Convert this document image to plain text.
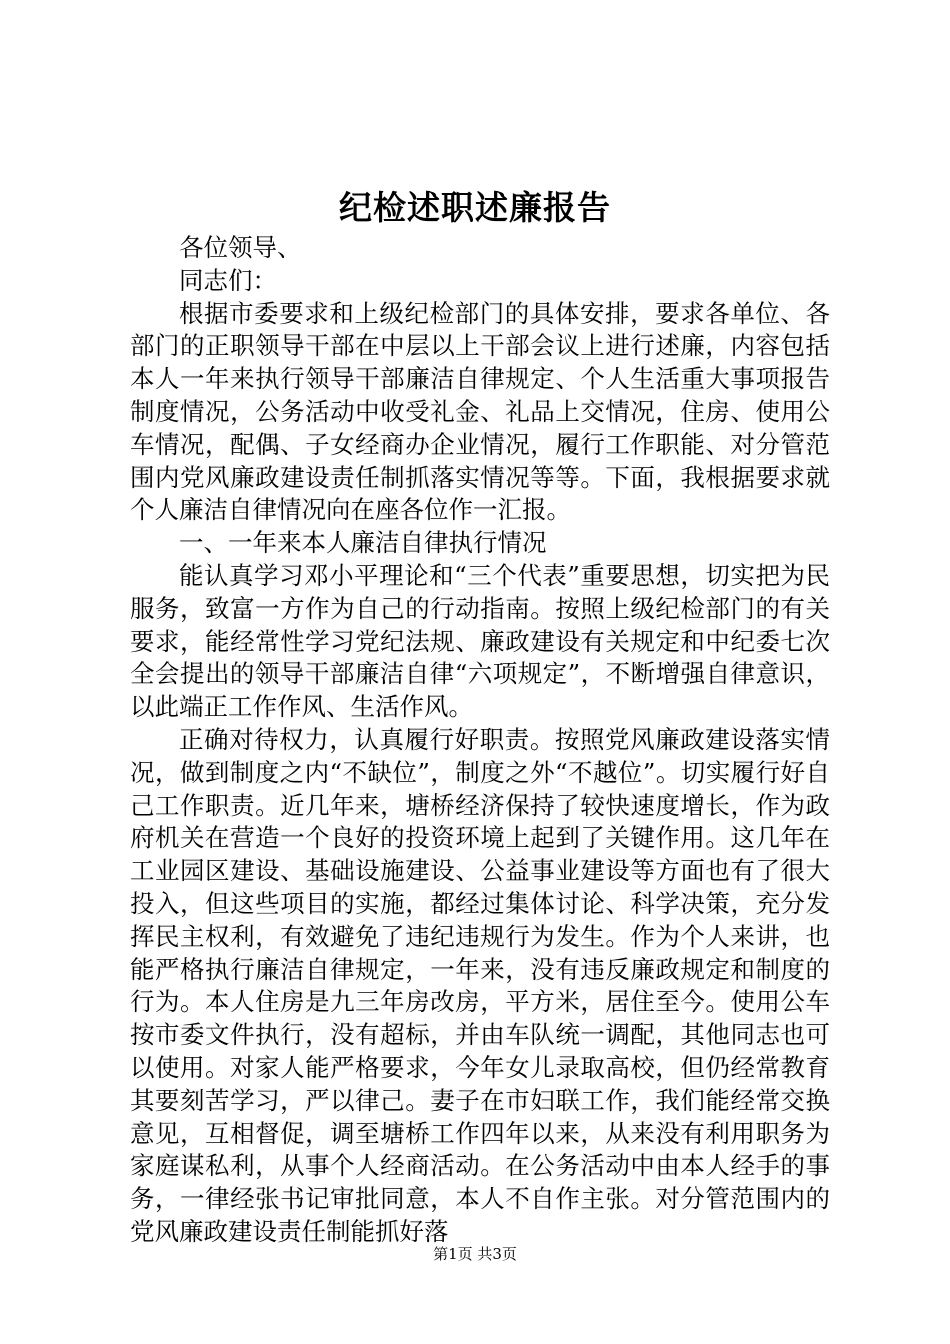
纪检述职述廉报告

各位领导、

同志们：

根据市委要求和上级纪检部门的具体安排，要求各单位、各部门的正职领导干部在中层以上干部会议上进行述廉，内容包括本人一年来执行领导干部廉洁自律规定、个人生活重大事项报告制度情况，公务活动中收受礼金、礼品上交情况，住房、使用公车情况，配偶、子女经商办企业情况，履行工作职能、对分管范围内党风廉政建设责任制抓落实情况等等。下面，我根据要求就个人廉洁自律情况向在座各位作一汇报。

一、一年来本人廉洁自律执行情况

能认真学习邓小平理论和“三个代表”重要思想，切实把为民服务，致富一方作为自己的行动指南。按照上级纪检部门的有关要求，能经常性学习党纪法规、廉政建设有关规定和中纪委七次全会提出的领导干部廉洁自律“六项规定”，不断增强自律意识，以此端正工作作风、生活作风。

正确对待权力，认真履行好职责。按照党风廉政建设落实情况，做到制度之内“不缺位”，制度之外“不越位”。切实履行好自己工作职责。近几年来，塘桥经济保持了较快速度增长，作为政府机关在营造一个良好的投资环境上起到了关键作用。这几年在工业园区建设、基础设施建设、公益事业建设等方面也有了很大投入，但这些项目的实施，都经过集体讨论、科学决策，充分发挥民主权利，有效避免了违纪违规行为发生。作为个人来讲，也能严格执行廉洁自律规定，一年来，没有违反廉政规定和制度的行为。本人住房是九三年房改房，平方米，居住至今。使用公车按市委文件执行，没有超标，并由车队统一调配，其他同志也可以使用。对家人能严格要求，今年女儿录取高校，但仍经常教育其要刻苦学习，严以律己。妻子在市妇联工作，我们能经常交换意见，互相督促，调至塘桥工作四年以来，从来没有利用职务为家庭谋私利，从事个人经商活动。在公务活动中由本人经手的事务，一律经张书记审批同意，本人不自作主张。对分管范围内的党风廉政建设责任制能抓好落

第1页 共3页
